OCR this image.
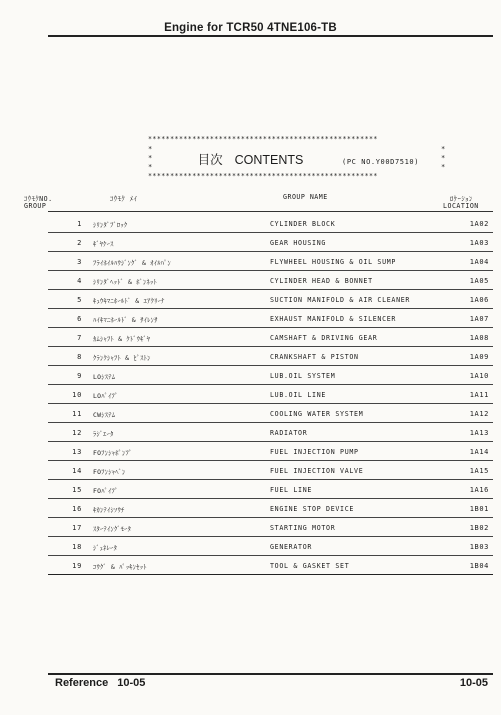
Engine for TCR50 4TNE106-TB
****************************************************
*	*
*	*
*	*
目次 CONTENTS	(PC NO.Y00D7510)
****************************************************
ｺｳﾓｸNO.
GROUP
ｺｳﾓｸ ﾒｲ	GROUP NAME	ﾛｹｰｼｮﾝ
LOCATION
1 ｼﾘﾝﾀﾞﾌﾞﾛｯｸ	CYLINDER BLOCK	1A02
2 ｷﾞﾔｹｰｽ	GEAR HOUSING	1A03
3 ﾌﾗｲﾎｲﾙﾊｳｼﾞﾝｸﾞ & ｵｲﾙﾊﾟﾝ	FLYWHEEL HOUSING & OIL SUMP	1A04
4 ｼﾘﾝﾀﾞﾍｯﾄﾞ & ﾎﾞﾝﾈｯﾄ	CYLINDER HEAD & BONNET	1A05
5 ｷｭｳｷﾏﾆﾎｰﾙﾄﾞ & ｴｱｸﾘｰﾅ	SUCTION MANIFOLD & AIR CLEANER	1A06
6 ﾊｲｷﾏﾆﾎｰﾙﾄﾞ & ｻｲﾚﾝｻ	EXHAUST MANIFOLD & SILENCER	1A07
7 ｶﾑｼｬﾌﾄ & ｸﾄﾞｳｷﾞﾔ	CAMSHAFT & DRIVING GEAR	1A08
8 ｸﾗﾝｸｼｬﾌﾄ & ﾋﾟｽﾄﾝ	CRANKSHAFT & PISTON	1A09
9 LOｼｽﾃﾑ	LUB.OIL SYSTEM	1A10
10 LOﾊﾟｲﾌﾟ	LUB.OIL LINE	1A11
11 CWｼｽﾃﾑ	COOLING WATER SYSTEM	1A12
12 ﾗｼﾞｴｰﾀ	RADIATOR	1A13
13 FOﾌﾝｼｬﾎﾟﾝﾌﾟ	FUEL INJECTION PUMP	1A14
14 FOﾌﾝｼｬﾍﾞﾝ	FUEL INJECTION VALVE	1A15
15 FOﾊﾟｲﾌﾟ	FUEL LINE	1A16
16 ｷｶﾝﾃｲｼｿｳﾁ	ENGINE STOP DEVICE	1B01
17 ｽﾀｰﾃｲﾝｸﾞﾓｰﾀ	STARTING MOTOR	1B02
18 ｼﾞｪﾈﾚｰﾀ	GENERATOR	1B03
19 ｺｳｸﾞ & ﾊﾟｯｷﾝｾｯﾄ	TOOL & GASKET SET	1B04
Reference 10-05	10-05
